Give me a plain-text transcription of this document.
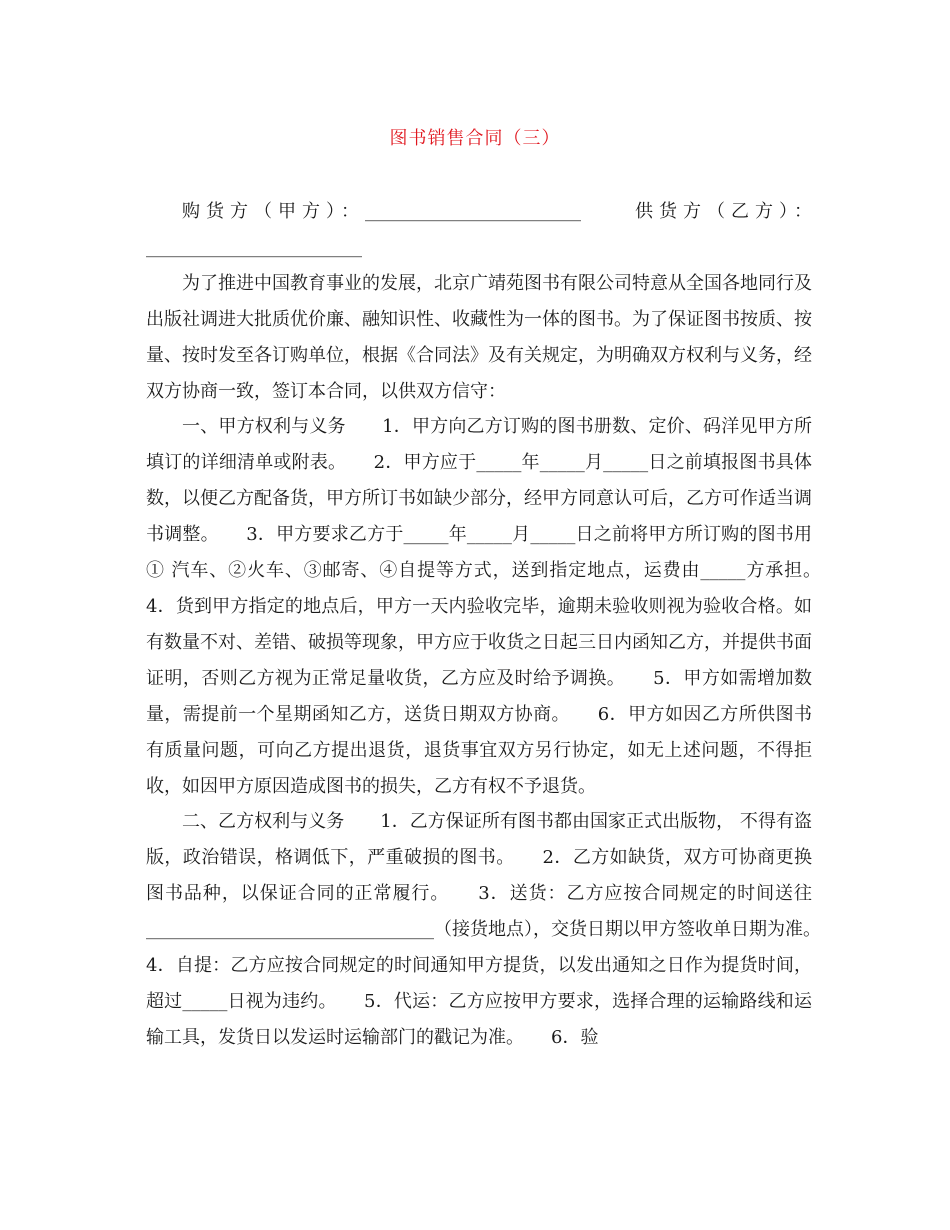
图书销售合同（三）

购货方（甲方）：________________________　　供货方（乙方）：________________________

为了推进中国教育事业的发展，北京广靖苑图书有限公司特意从全国各地同行及出版社调进大批质优价廉、融知识性、收藏性为一体的图书。为了保证图书按质、按量、按时发至各订购单位，根据《合同法》及有关规定，为明确双方权利与义务，经双方协商一致，签订本合同，以供双方信守：

一、甲方权利与义务　　1．甲方向乙方订购的图书册数、定价、码洋见甲方所填订的详细清单或附表。　　2．甲方应于_____年_____月_____日之前填报图书具体数，以便乙方配备货，甲方所订书如缺少部分，经甲方同意认可后，乙方可作适当调书调整。　　3．甲方要求乙方于_____年_____月_____日之前将甲方所订购的图书用① 汽车、②火车、③邮寄、④自提等方式，送到指定地点，运费由_____方承担。　　4．货到甲方指定的地点后，甲方一天内验收完毕，逾期未验收则视为验收合格。如有数量不对、差错、破损等现象，甲方应于收货之日起三日内函知乙方，并提供书面证明，否则乙方视为正常足量收货，乙方应及时给予调换。　　5．甲方如需增加数量，需提前一个星期函知乙方，送货日期双方协商。　　6．甲方如因乙方所供图书有质量问题，可向乙方提出退货，退货事宜双方另行协定，如无上述问题，不得拒收，如因甲方原因造成图书的损失，乙方有权不予退货。

二、乙方权利与义务　　1．乙方保证所有图书都由国家正式出版物， 不得有盗版，政治错误，格调低下，严重破损的图书。　　2．乙方如缺货，双方可协商更换图书品种，以保证合同的正常履行。　　3．送货：乙方应按合同规定的时间送往________________________________（接货地点），交货日期以甲方签收单日期为准。　　4．自提：乙方应按合同规定的时间通知甲方提货，以发出通知之日作为提货时间，超过_____日视为违约。　　5．代运：乙方应按甲方要求，选择合理的运输路线和运输工具，发货日以发运时运输部门的戳记为准。　　6．验
